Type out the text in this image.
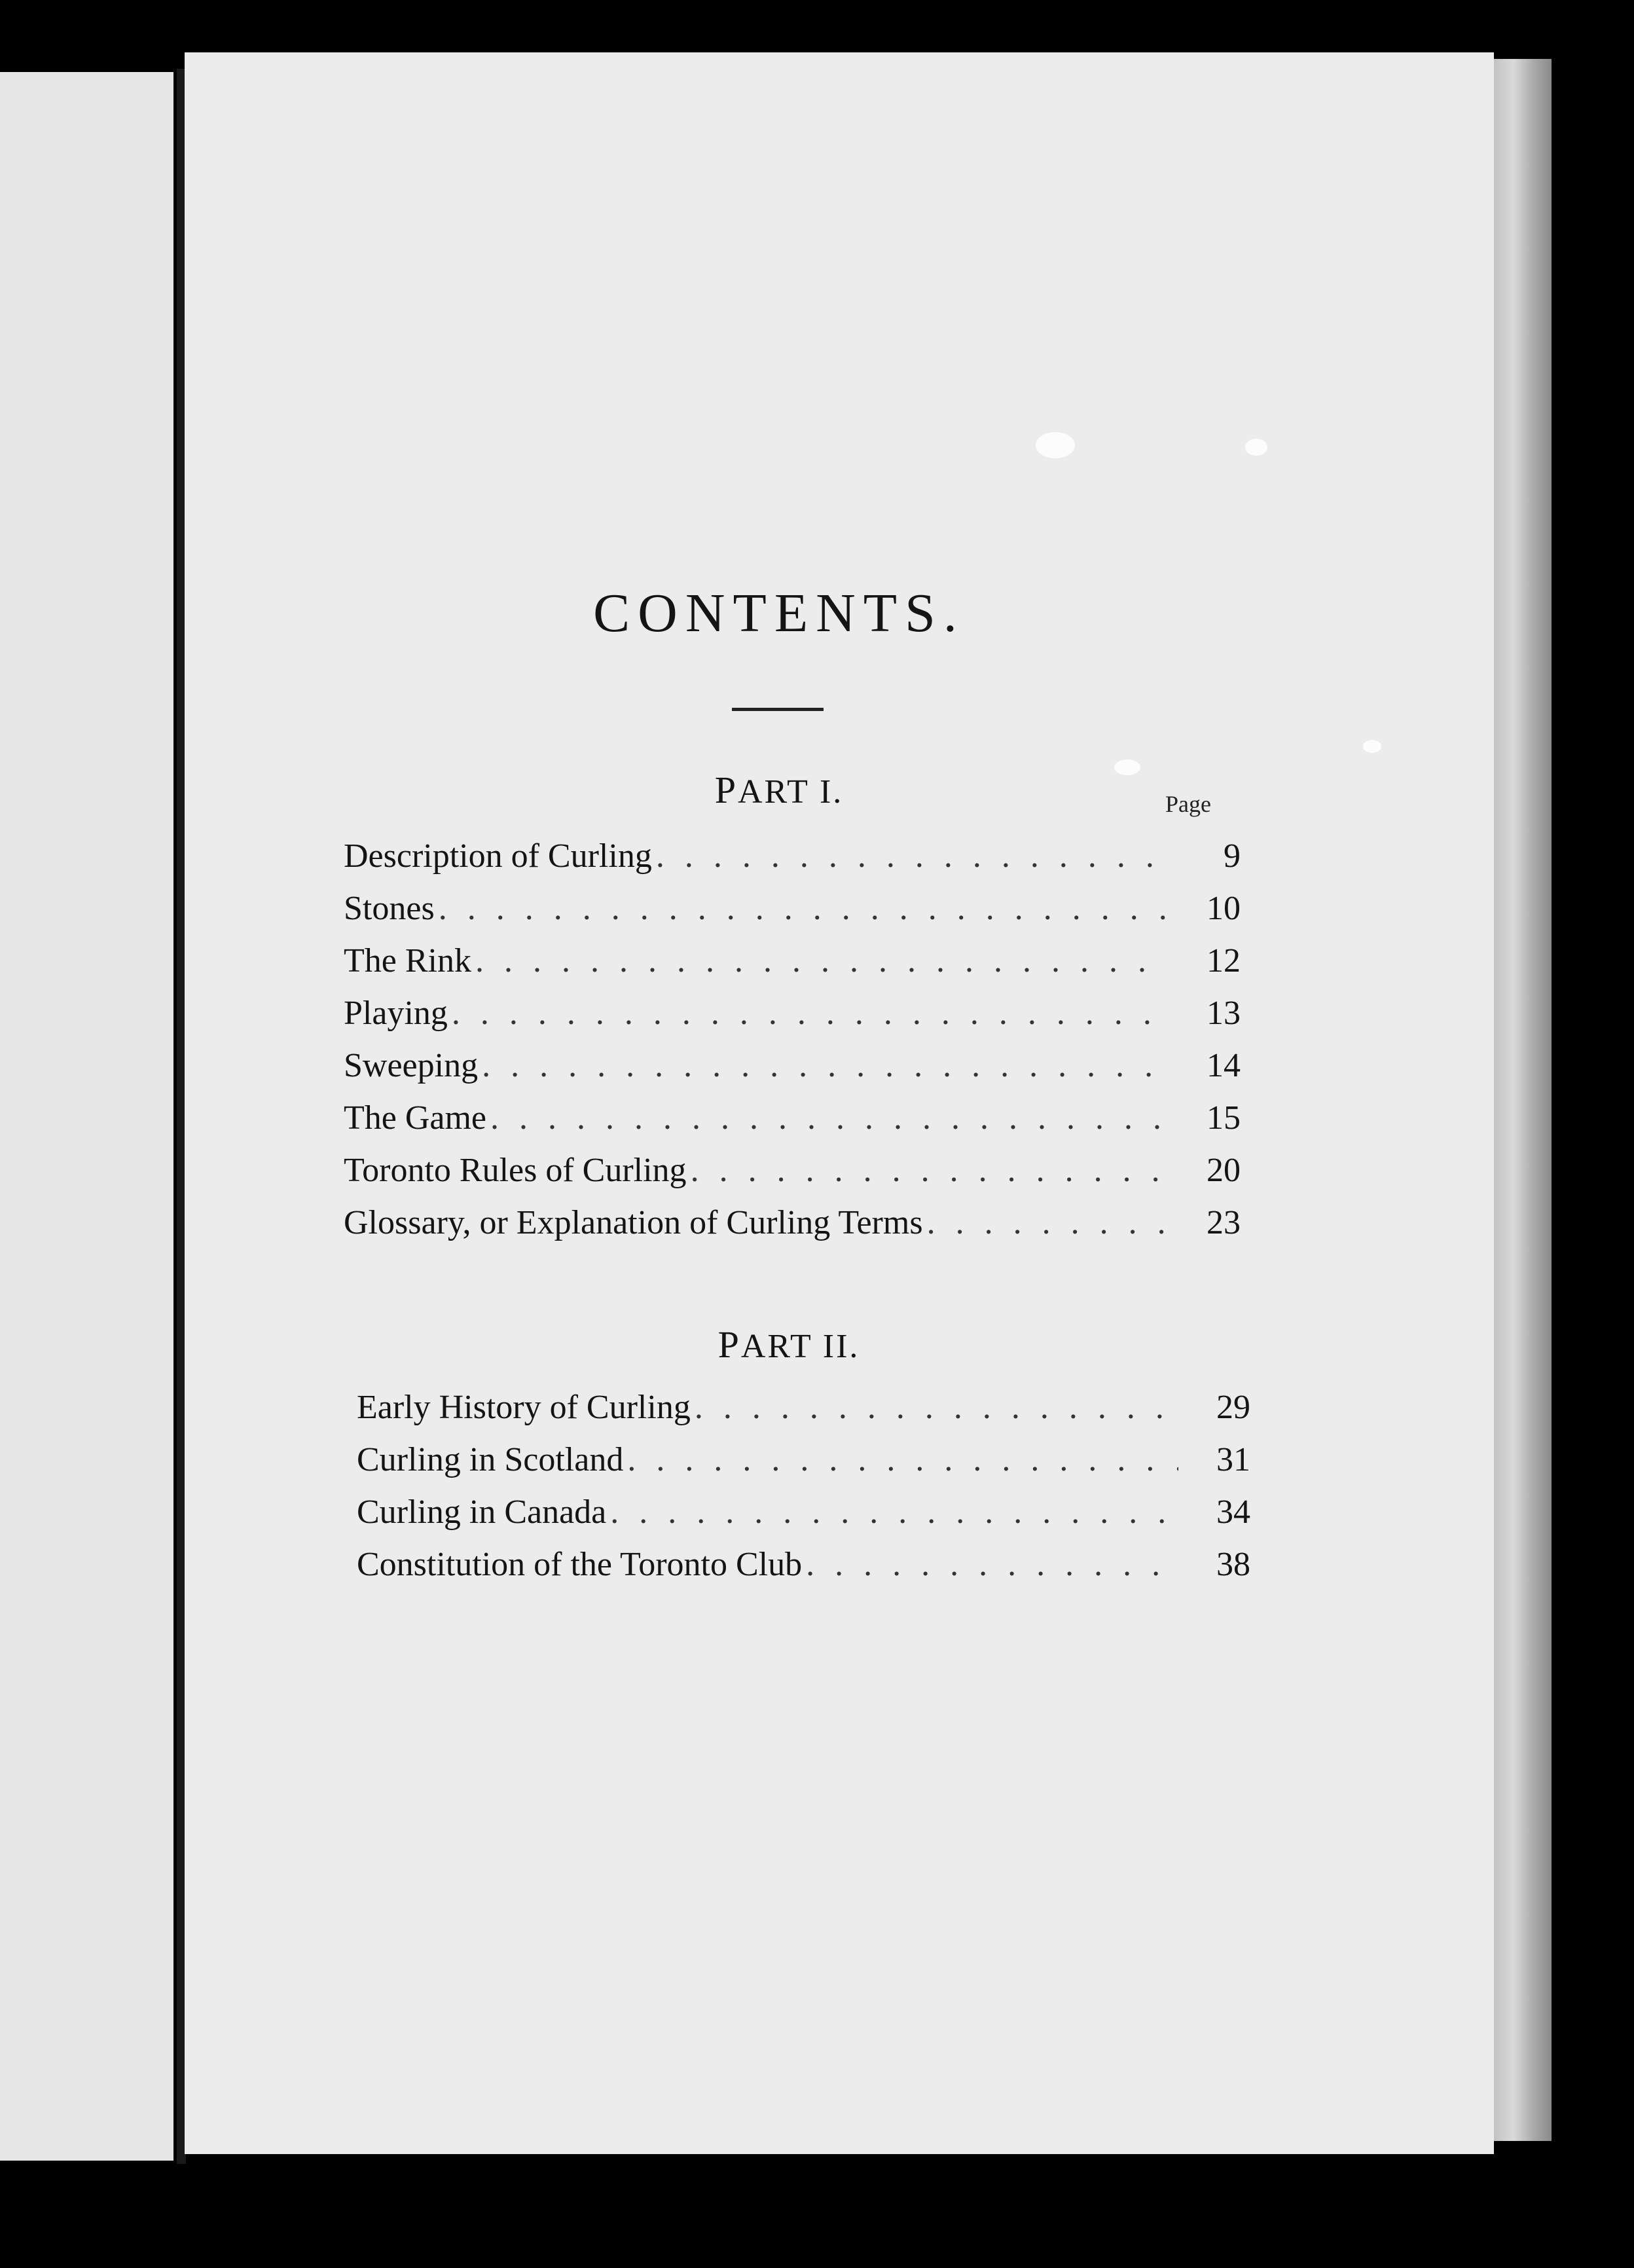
CONTENTS.
PART I.	Page
Description of Curling . . .	9
Stones . . .	10
The Rink . . .	12
Playing . . .	13
Sweeping . . .	14
The Game . . .	15
Toronto Rules of Curling . . .	20
Glossary, or Explanation of Curling Terms . . .	23
PART II.
Early History of Curling . . .	29
Curling in Scotland . . .	31
Curling in Canada . . .	34
Constitution of the Toronto Club . . .	38
